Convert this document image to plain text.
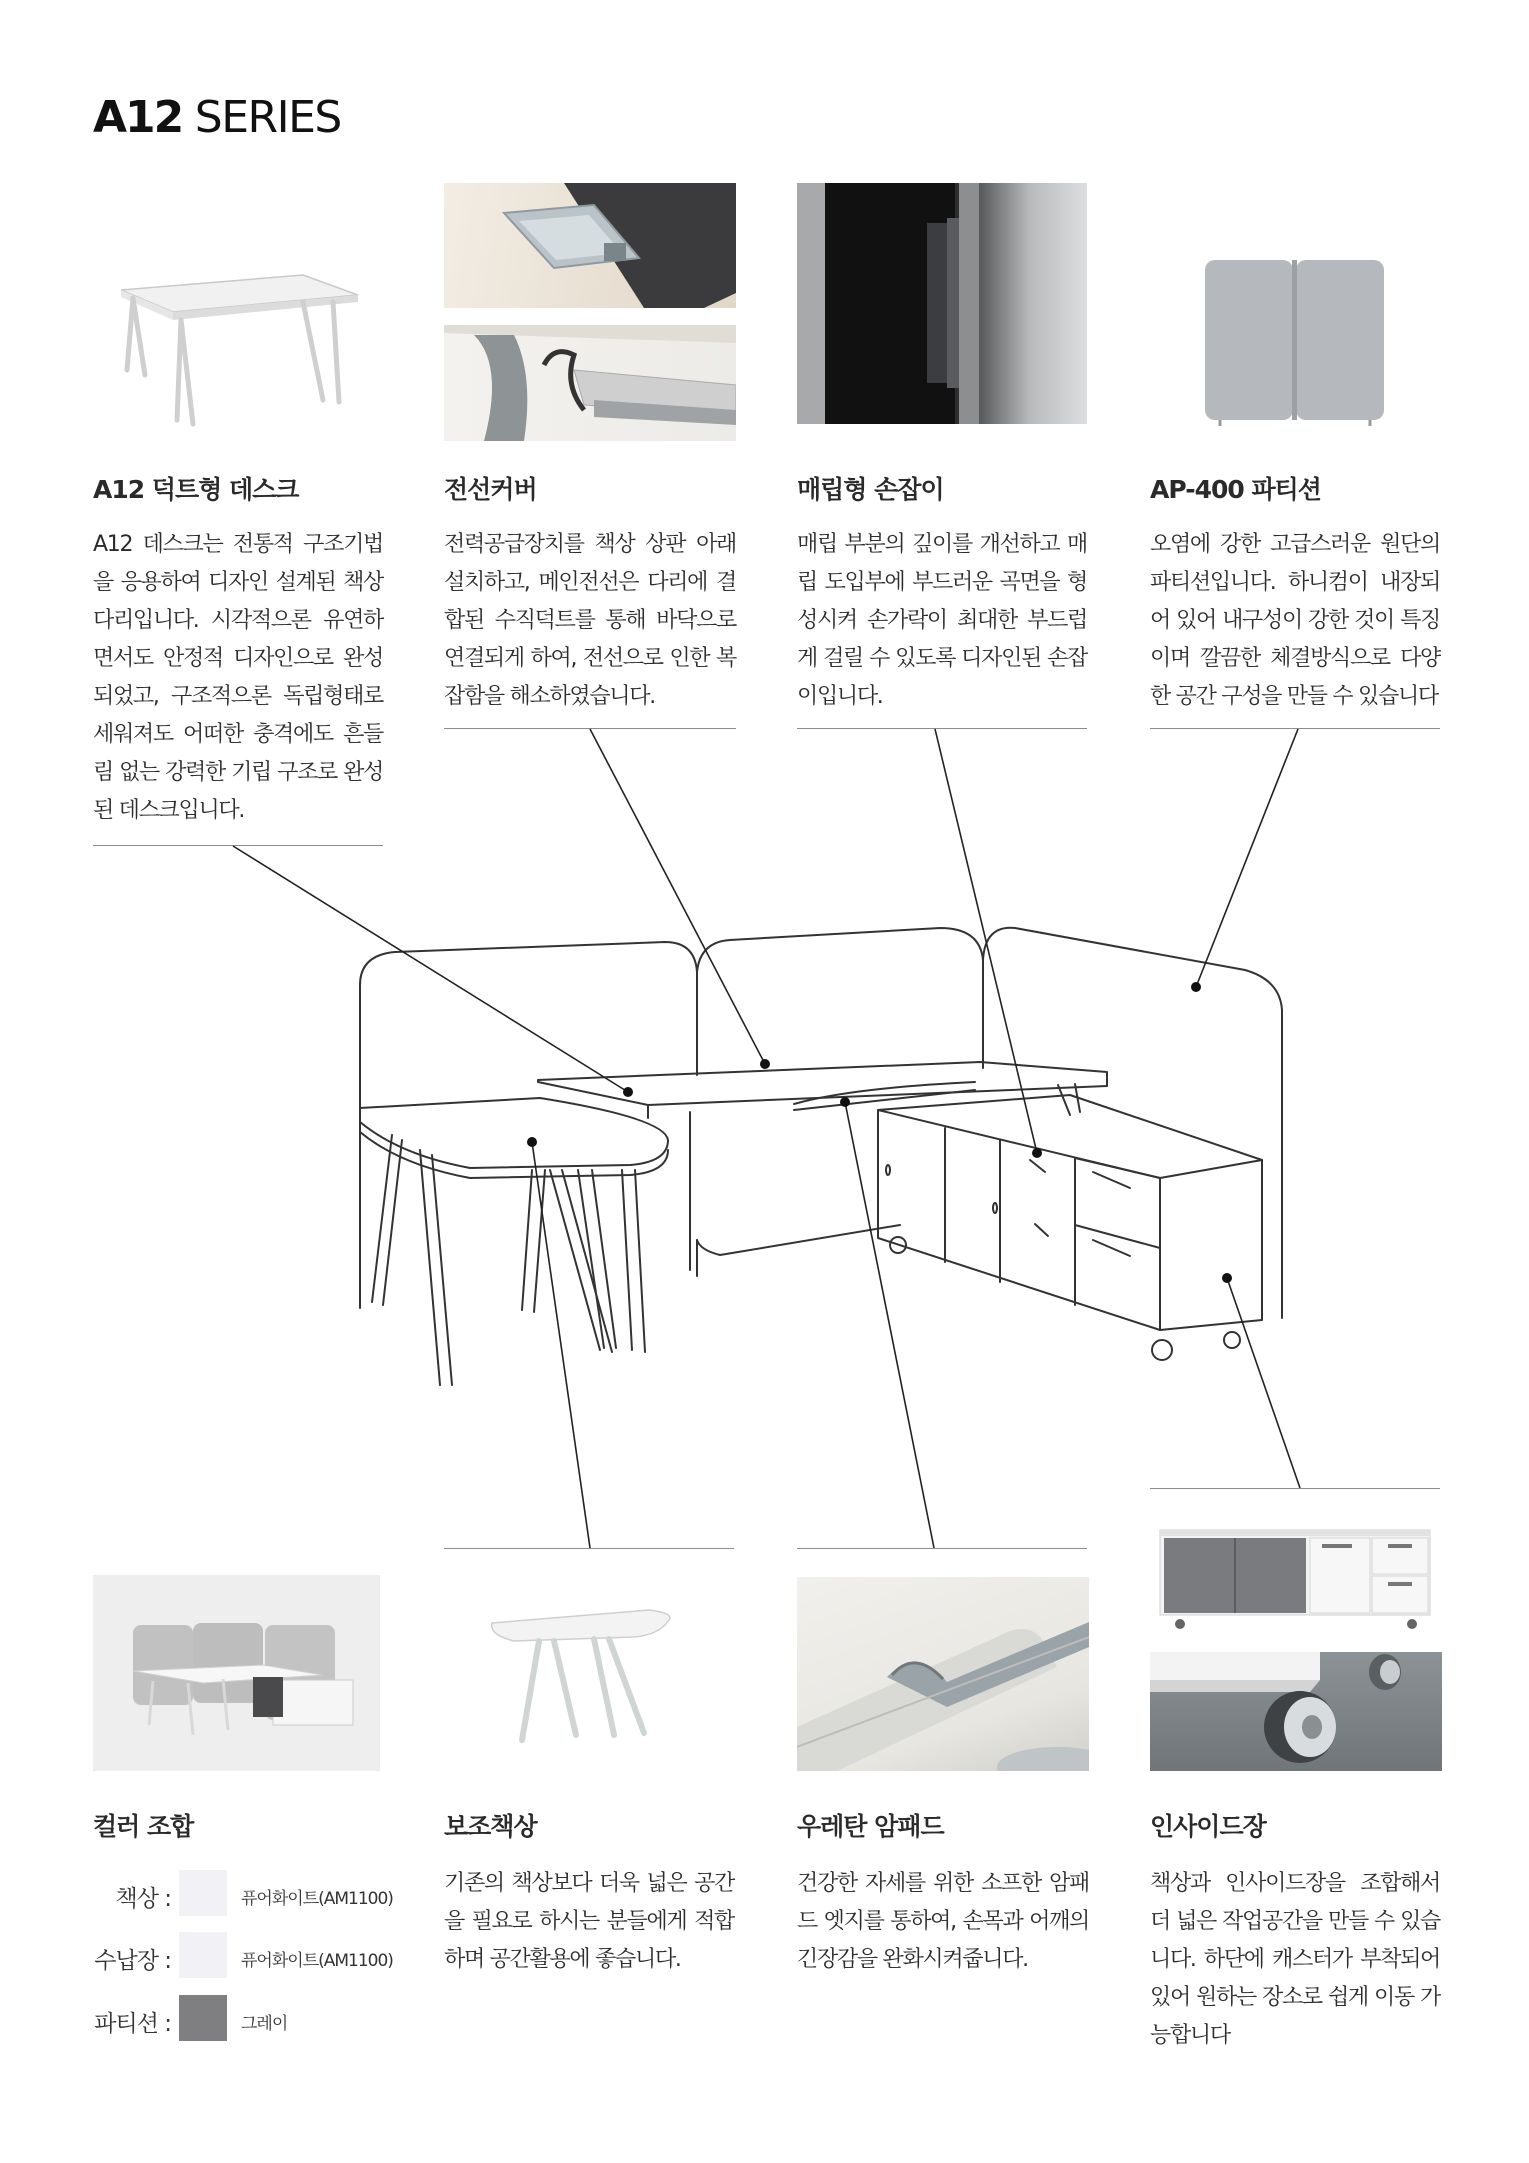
A12 SERIES
A12 덕트형 데스크
A12 데스크는 전통적 구조기법을 응용하여 디자인 설계된 책상다리입니다. 시각적으론 유연하면서도 안정적 디자인으로 완성되었고, 구조적으론 독립형태로 세워져도 어떠한 충격에도 흔들림 없는 강력한 기립 구조로 완성된 데스크입니다.
전선커버
전력공급장치를 책상 상판 아래 설치하고, 메인전선은 다리에 결합된 수직덕트를 통해 바닥으로 연결되게 하여, 전선으로 인한 복잡함을 해소하였습니다.
매립형 손잡이
매립 부분의 깊이를 개선하고 매립 도입부에 부드러운 곡면을 형성시켜 손가락이 최대한 부드럽게 걸릴 수 있도록 디자인된 손잡이입니다.
AP-400 파티션
오염에 강한 고급스러운 원단의 파티션입니다. 하니컴이 내장되어 있어 내구성이 강한 것이 특징이며 깔끔한 체결방식으로 다양한 공간 구성을 만들 수 있습니다
컬러 조합	보조책상
기존의 책상보다 더욱 넓은 공간을 필요로 하시는 분들에게 적합하며 공간활용에 좋습니다.
우레탄 암패드
건강한 자세를 위한 소프한 암패드 엣지를 통하여, 손목과 어깨의 긴장감을 완화시켜줍니다.
인사이드장
책상과 인사이드장을 조합해서 더 넓은 작업공간을 만들 수 있습니다. 하단에 캐스터가 부착되어 있어 원하는 장소로 쉽게 이동 가능합니다
책상 :	퓨어화이트(AM1100)
수납장 :	퓨어화이트(AM1100)
파티션 :	그레이
